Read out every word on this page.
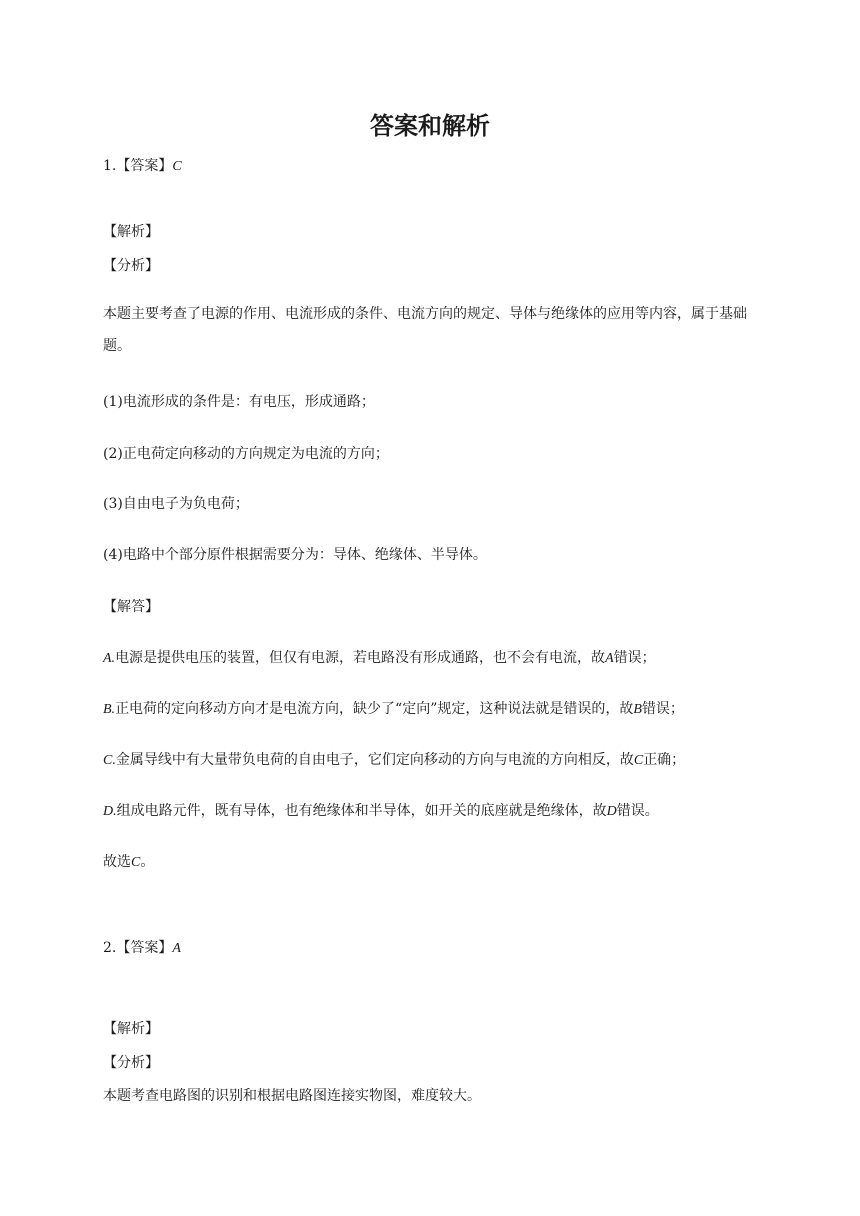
答案和解析
1.【答案】C
【解析】
【分析】
本题主要考查了电源的作用、电流形成的条件、电流方向的规定、导体与绝缘体的应用等内容，属于基础题。
(1)电流形成的条件是：有电压，形成通路；
(2)正电荷定向移动的方向规定为电流的方向；
(3)自由电子为负电荷；
(4)电路中个部分原件根据需要分为：导体、绝缘体、半导体。
【解答】
A.电源是提供电压的装置，但仅有电源，若电路没有形成通路，也不会有电流，故A错误；
B.正电荷的定向移动方向才是电流方向，缺少了“定向”规定，这种说法就是错误的，故B错误；
C.金属导线中有大量带负电荷的自由电子，它们定向移动的方向与电流的方向相反，故C正确；
D.组成电路元件，既有导体，也有绝缘体和半导体，如开关的底座就是绝缘体，故D错误。
故选C。
2.【答案】A
【解析】
【分析】
本题考查电路图的识别和根据电路图连接实物图，难度较大。
